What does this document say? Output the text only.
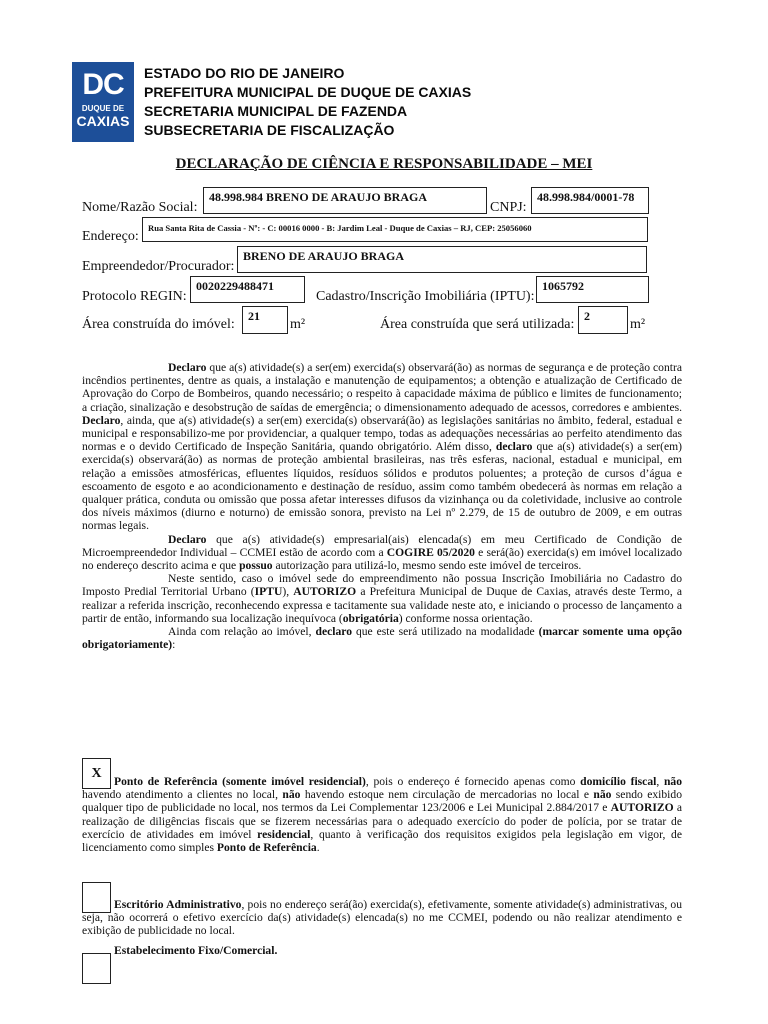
DC
DUQUE DE
CAXIAS
ESTADO DO RIO DE JANEIRO
PREFEITURA MUNICIPAL DE DUQUE DE CAXIAS
SECRETARIA MUNICIPAL DE FAZENDA
SUBSECRETARIA DE FISCALIZAÇÃO
DECLARAÇÃO DE CIÊNCIA E RESPONSABILIDADE – MEI
Nome/Razão Social:
48.998.984 BRENO DE ARAUJO BRAGA
CNPJ:
48.998.984/0001-78
Endereço:
Rua Santa Rita de Cassia - Nº: - C: 00016 0000 - B: Jardim Leal - Duque de Caxias – RJ, CEP: 25056060
Empreendedor/Procurador:
BRENO DE ARAUJO BRAGA
Protocolo REGIN:
0020229488471
Cadastro/Inscrição Imobiliária (IPTU):
1065792
Área construída do imóvel:
21
m²	Área construída que será utilizada:
2
m²

Declaro que a(s) atividade(s) a ser(em) exercida(s) observará(ão) as normas de segurança e de proteção contra incêndios pertinentes, dentre as quais, a instalação e manutenção de equipamentos; a obtenção e atualização de Certificado de Aprovação do Corpo de Bombeiros, quando necessário; o respeito à capacidade máxima de público e limites de funcionamento; a criação, sinalização e desobstrução de saídas de emergência; o dimensionamento adequado de acessos, corredores e ambientes. Declaro, ainda, que a(s) atividade(s) a ser(em) exercida(s) observará(ão) as legislações sanitárias no âmbito, federal, estadual e municipal e responsabilizo-me por providenciar, a qualquer tempo, todas as adequações necessárias ao perfeito atendimento das normas e o devido Certificado de Inspeção Sanitária, quando obrigatório. Além disso, declaro que a(s) atividade(s) a ser(em) exercida(s) observará(ão) as normas de proteção ambiental brasileiras, nas três esferas, nacional, estadual e municipal, em relação a emissões atmosféricas, efluentes líquidos, resíduos sólidos e produtos poluentes; a proteção de cursos d’água e escoamento de esgoto e ao acondicionamento e destinação de resíduo, assim como também obedecerá às normas em relação a qualquer prática, conduta ou omissão que possa afetar interesses difusos da vizinhança ou da coletividade, inclusive ao controle dos níveis máximos (diurno e noturno) de emissão sonora, previsto na Lei nº 2.279, de 15 de outubro de 2009, e em outras normas legais.

Declaro que a(s) atividade(s) empresarial(ais) elencada(s) em meu Certificado de Condição de Microempreendedor Individual – CCMEI estão de acordo com a COGIRE 05/2020 e será(ão) exercida(s) em imóvel localizado no endereço descrito acima e que possuo autorização para utilizá-lo, mesmo sendo este imóvel de terceiros.

Neste sentido, caso o imóvel sede do empreendimento não possua Inscrição Imobiliária no Cadastro do Imposto Predial Territorial Urbano (IPTU), AUTORIZO a Prefeitura Municipal de Duque de Caxias, através deste Termo, a realizar a referida inscrição, reconhecendo expressa e tacitamente sua validade neste ato, e iniciando o processo de lançamento a partir de então, informando sua localização inequívoca (obrigatória) conforme nossa orientação.

Ainda com relação ao imóvel, declaro que este será utilizado na modalidade (marcar somente uma opção obrigatoriamente):

X
Ponto de Referência (somente imóvel residencial), pois o endereço é fornecido apenas como domicílio fiscal, não havendo atendimento a clientes no local, não havendo estoque nem circulação de mercadorias no local e não sendo exibido qualquer tipo de publicidade no local, nos termos da Lei Complementar 123/2006 e Lei Municipal 2.884/2017 e AUTORIZO a realização de diligências fiscais que se fizerem necessárias para o adequado exercício do poder de polícia, por se tratar de exercício de atividades em imóvel residencial, quanto à verificação dos requisitos exigidos pela legislação em vigor, de licenciamento como simples Ponto de Referência.
Escritório Administrativo, pois no endereço será(ão) exercida(s), efetivamente, somente atividade(s) administrativas, ou seja, não ocorrerá o efetivo exercício da(s) atividade(s) elencada(s) no me CCMEI, podendo ou não realizar atendimento e exibição de publicidade no local.
Estabelecimento Fixo/Comercial.
